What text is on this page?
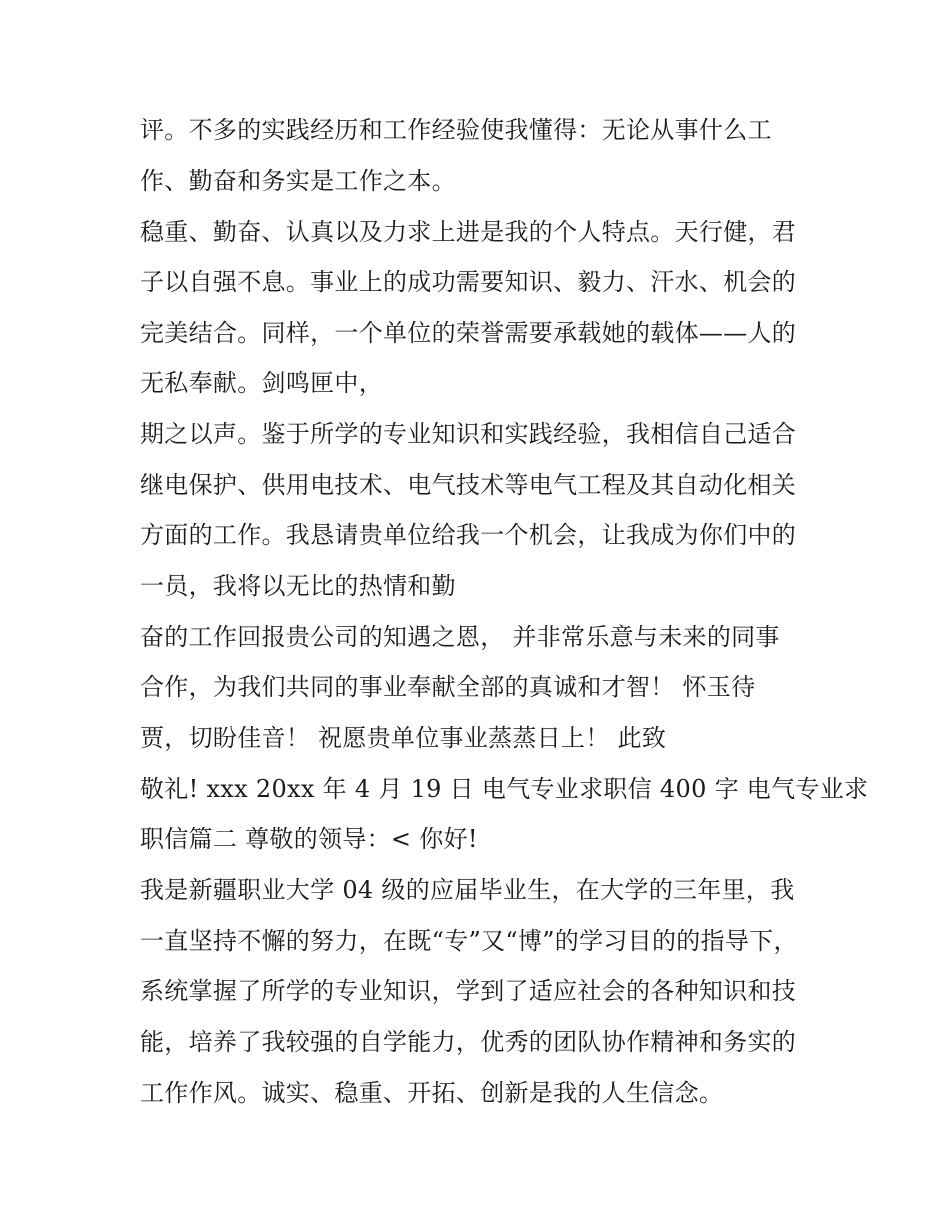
评。不多的实践经历和工作经验使我懂得：无论从事什么工
作、勤奋和务实是工作之本。
稳重、勤奋、认真以及力求上进是我的个人特点。天行健，君
子以自强不息。事业上的成功需要知识、毅力、汗水、机会的
完美结合。同样，一个单位的荣誉需要承载她的载体——人的
无私奉献。剑鸣匣中，
期之以声。鉴于所学的专业知识和实践经验，我相信自己适合
继电保护、供用电技术、电气技术等电气工程及其自动化相关
方面的工作。我恳请贵单位给我一个机会，让我成为你们中的
一员，我将以无比的热情和勤
奋的工作回报贵公司的知遇之恩， 并非常乐意与未来的同事
合作，为我们共同的事业奉献全部的真诚和才智！ 怀玉待
贾，切盼佳音！ 祝愿贵单位事业蒸蒸日上！ 此致
敬礼! xxx 20xx 年 4 月 19 日 电气专业求职信 400 字 电气专业求
职信篇二 尊敬的领导：< 你好!
我是新疆职业大学 04 级的应届毕业生，在大学的三年里，我
一直坚持不懈的努力，在既“专”又“博”的学习目的的指导下，
系统掌握了所学的专业知识，学到了适应社会的各种知识和技
能，培养了我较强的自学能力，优秀的团队协作精神和务实的
工作作风。诚实、稳重、开拓、创新是我的人生信念。
